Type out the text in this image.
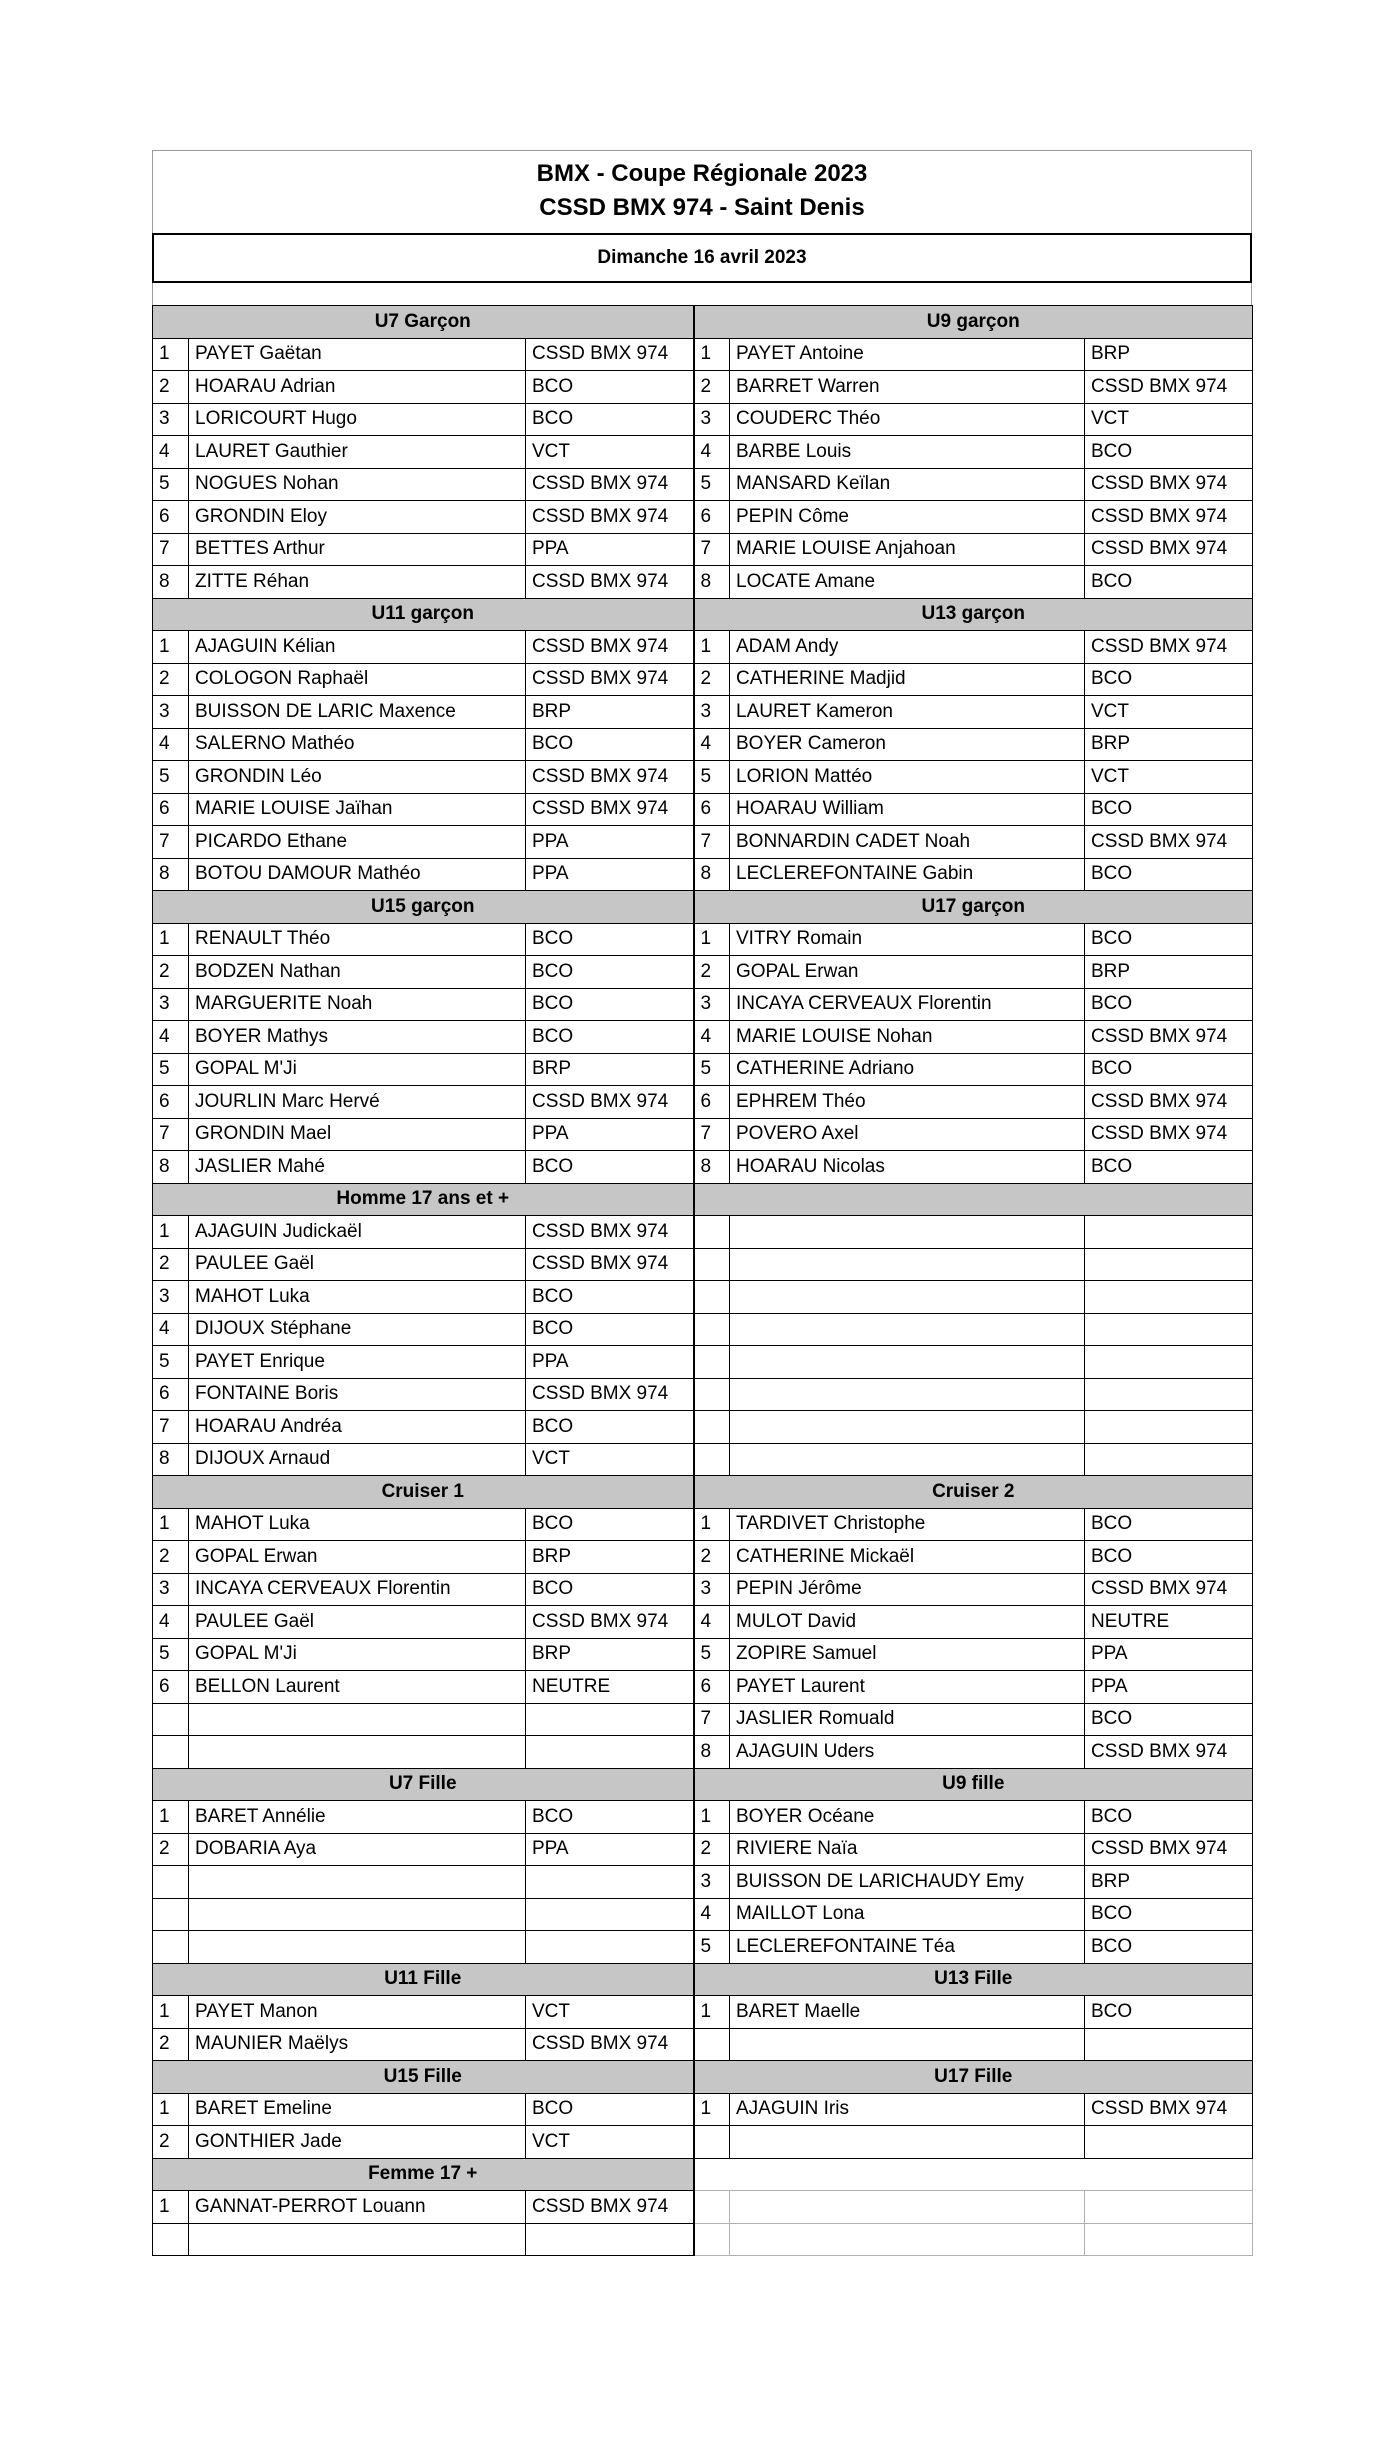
BMX - Coupe Régionale 2023
CSSD BMX 974 - Saint Denis
Dimanche 16 avril 2023
U7 Garçon			U9 garçon		
1	PAYET Gaëtan	CSSD BMX 974	1	PAYET Antoine	BRP
2	HOARAU Adrian	BCO	2	BARRET Warren	CSSD BMX 974
3	LORICOURT Hugo	BCO	3	COUDERC Théo	VCT
4	LAURET Gauthier	VCT	4	BARBE Louis	BCO
5	NOGUES Nohan	CSSD BMX 974	5	MANSARD Keïlan	CSSD BMX 974
6	GRONDIN Eloy	CSSD BMX 974	6	PEPIN Côme	CSSD BMX 974
7	BETTES Arthur	PPA	7	MARIE LOUISE Anjahoan	CSSD BMX 974
8	ZITTE Réhan	CSSD BMX 974	8	LOCATE Amane	BCO
U11 garçon			U13 garçon		
1	AJAGUIN Kélian	CSSD BMX 974	1	ADAM Andy	CSSD BMX 974
2	COLOGON Raphaël	CSSD BMX 974	2	CATHERINE Madjid	BCO
3	BUISSON DE LARIC Maxence	BRP	3	LAURET Kameron	VCT
4	SALERNO Mathéo	BCO	4	BOYER Cameron	BRP
5	GRONDIN Léo	CSSD BMX 974	5	LORION Mattéo	VCT
6	MARIE LOUISE Jaïhan	CSSD BMX 974	6	HOARAU William	BCO
7	PICARDO Ethane	PPA	7	BONNARDIN CADET Noah	CSSD BMX 974
8	BOTOU DAMOUR Mathéo	PPA	8	LECLEREFONTAINE Gabin	BCO
U15 garçon			U17 garçon		
1	RENAULT Théo	BCO	1	VITRY Romain	BCO
2	BODZEN Nathan	BCO	2	GOPAL Erwan	BRP
3	MARGUERITE Noah	BCO	3	INCAYA CERVEAUX Florentin	BCO
4	BOYER Mathys	BCO	4	MARIE LOUISE Nohan	CSSD BMX 974
5	GOPAL M'Ji	BRP	5	CATHERINE Adriano	BCO
6	JOURLIN Marc Hervé	CSSD BMX 974	6	EPHREM Théo	CSSD BMX 974
7	GRONDIN Mael	PPA	7	POVERO Axel	CSSD BMX 974
8	JASLIER Mahé	BCO	8	HOARAU Nicolas	BCO
Homme 17 ans et +					
1	AJAGUIN Judickaël	CSSD BMX 974			
2	PAULEE Gaël	CSSD BMX 974			
3	MAHOT Luka	BCO			
4	DIJOUX Stéphane	BCO			
5	PAYET Enrique	PPA			
6	FONTAINE Boris	CSSD BMX 974			
7	HOARAU Andréa	BCO			
8	DIJOUX Arnaud	VCT			
Cruiser 1			Cruiser 2		
1	MAHOT Luka	BCO	1	TARDIVET Christophe	BCO
2	GOPAL Erwan	BRP	2	CATHERINE Mickaël	BCO
3	INCAYA CERVEAUX Florentin	BCO	3	PEPIN Jérôme	CSSD BMX 974
4	PAULEE Gaël	CSSD BMX 974	4	MULOT David	NEUTRE
5	GOPAL M'Ji	BRP	5	ZOPIRE Samuel	PPA
6	BELLON Laurent	NEUTRE	6	PAYET Laurent	PPA
			7	JASLIER Romuald	BCO
			8	AJAGUIN Uders	CSSD BMX 974
U7 Fille			U9 fille		
1	BARET Annélie	BCO	1	BOYER Océane	BCO
2	DOBARIA Aya	PPA	2	RIVIERE Naïa	CSSD BMX 974
			3	BUISSON DE LARICHAUDY Emy	BRP
			4	MAILLOT Lona	BCO
			5	LECLEREFONTAINE Téa	BCO
U11 Fille			U13 Fille		
1	PAYET Manon	VCT	1	BARET Maelle	BCO
2	MAUNIER Maëlys	CSSD BMX 974			
U15 Fille			U17 Fille		
1	BARET Emeline	BCO	1	AJAGUIN Iris	CSSD BMX 974
2	GONTHIER Jade	VCT			
Femme 17 +					
1	GANNAT-PERROT Louann	CSSD BMX 974			
